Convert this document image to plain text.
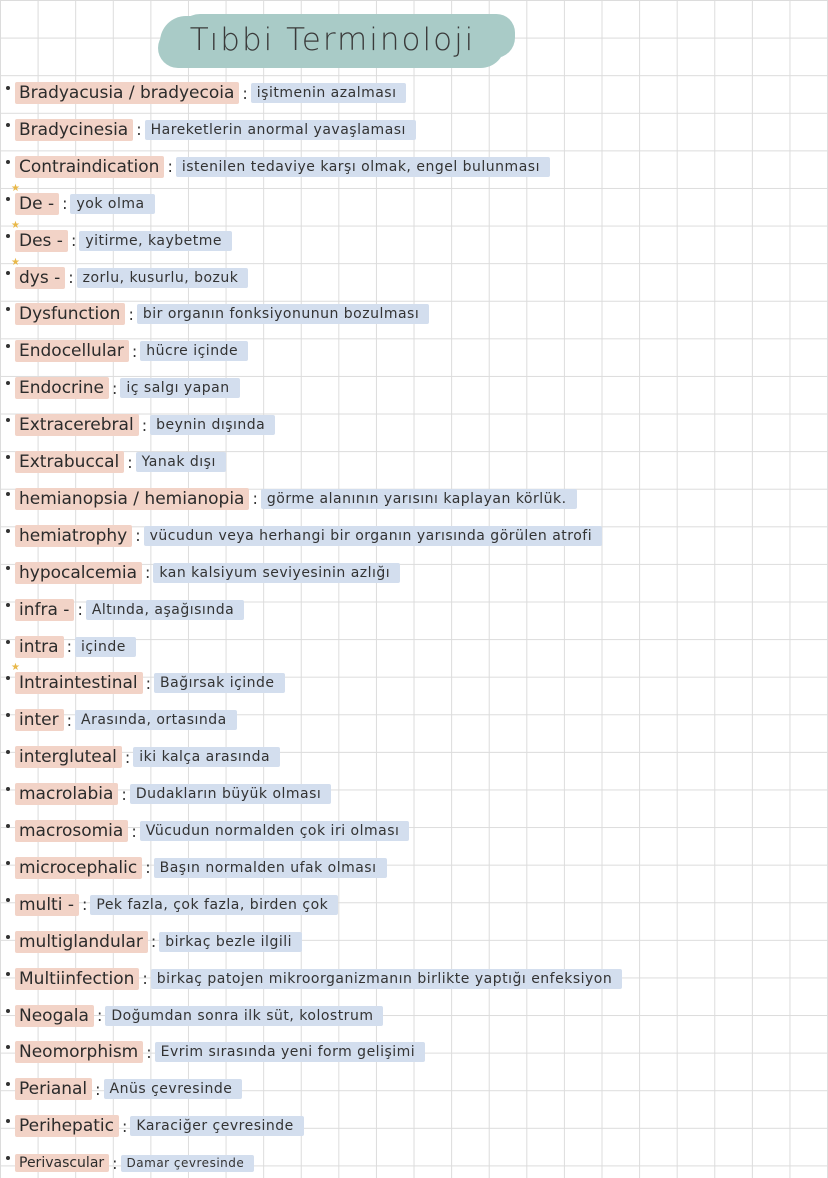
Tıbbi Terminoloji
Bradyacusia / bradyecoia : işitmenin azalması
Bradycinesia : Hareketlerin anormal yavaşlaması
Contraindication : istenilen tedaviye karşı olmak, engel bulunması
★
De - : yok olma
★
Des - : yitirme, kaybetme
★
dys - : zorlu, kusurlu, bozuk
Dysfunction : bir organın fonksiyonunun bozulması
Endocellular : hücre içinde
Endocrine : iç salgı yapan
Extracerebral : beynin dışında
Extrabuccal : Yanak dışı
hemianopsia / hemianopia : görme alanının yarısını kaplayan körlük.
hemiatrophy : vücudun veya herhangi bir organın yarısında görülen atrofi
hypocalcemia : kan kalsiyum seviyesinin azlığı
infra - : Altında, aşağısında
intra : içinde
★
Intraintestinal : Bağırsak içinde
inter : Arasında, ortasında
intergluteal : iki kalça arasında
macrolabia : Dudakların büyük olması
macrosomia : Vücudun normalden çok iri olması
microcephalic : Başın normalden ufak olması
multi - : Pek fazla, çok fazla, birden çok
multiglandular : birkaç bezle ilgili
Multiinfection : birkaç patojen mikroorganizmanın birlikte yaptığı enfeksiyon
Neogala : Doğumdan sonra ilk süt, kolostrum
Neomorphism : Evrim sırasında yeni form gelişimi
Perianal : Anüs çevresinde
Perihepatic : Karaciğer çevresinde
Perivascular : Damar çevresinde
